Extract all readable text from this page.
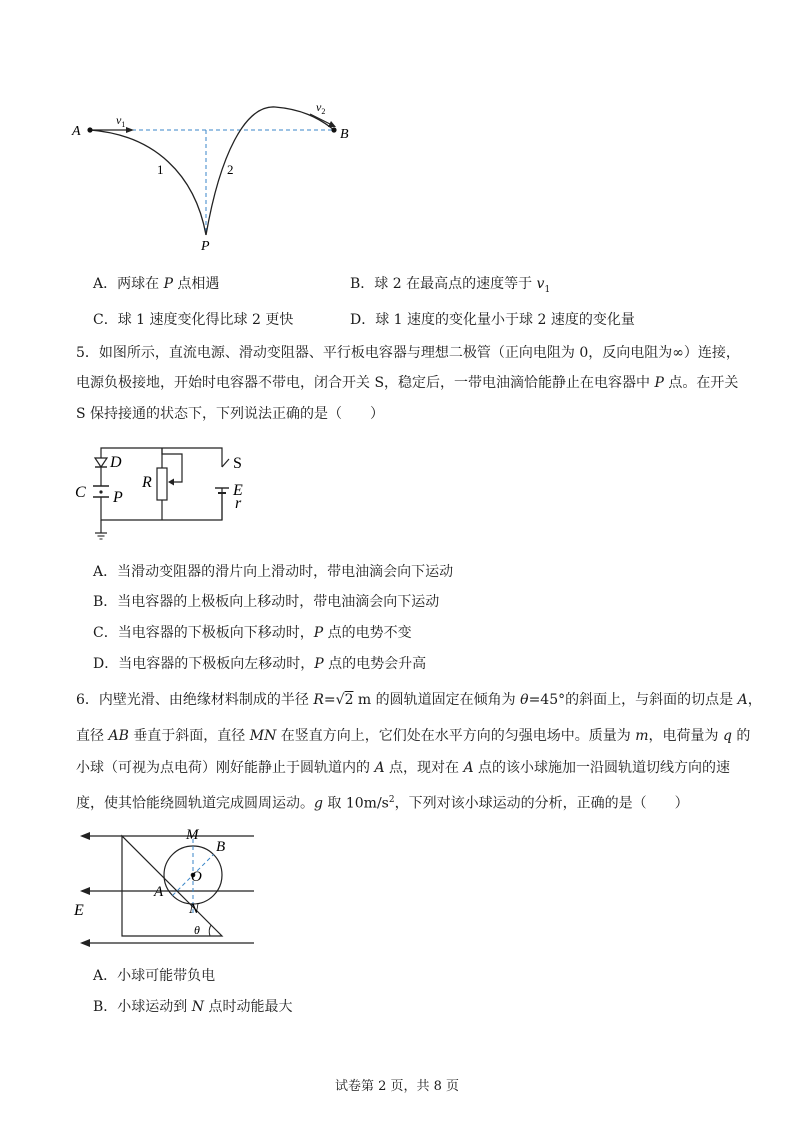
A	B
P
$v_1$
$v_2$
1	2
A．两球在 P 点相遇	B．球 2 在最高点的速度等于 $v_1$
C．球 1 速度变化得比球 2 更快	D．球 1 速度的变化量小于球 2 速度的变化量
5．如图所示，直流电源、滑动变阻器、平行板电容器与理想二极管（正向电阻为 0，反向电阻为∞）连接，
电源负极接地，开始时电容器不带电，闭合开关 S，稳定后，一带电油滴恰能静止在电容器中 P 点。在开关
S 保持接通的状态下，下列说法正确的是（　　）
D
C P
R
S
E
r
A．当滑动变阻器的滑片向上滑动时，带电油滴会向下运动
B．当电容器的上极板向上移动时，带电油滴会向下运动
C．当电容器的下极板向下移动时，P 点的电势不变
D．当电容器的下极板向左移动时，P 点的电势会升高
6．内壁光滑、由绝缘材料制成的半径 R=√2 m 的圆轨道固定在倾角为 θ=45°的斜面上，与斜面的切点是 A，
直径 AB 垂直于斜面，直径 MN 在竖直方向上，它们处在水平方向的匀强电场中。质量为 m，电荷量为 q 的
小球（可视为点电荷）刚好能静止于圆轨道内的 A 点，现对在 A 点的该小球施加一沿圆轨道切线方向的速
度，使其恰能绕圆轨道完成圆周运动。g 取 $10m/s^2$，下列对该小球运动的分析，正确的是（　　）
M
B
O
A
N
E
θ
A．小球可能带负电
B．小球运动到 N 点时动能最大
试卷第 2 页，共 8 页
